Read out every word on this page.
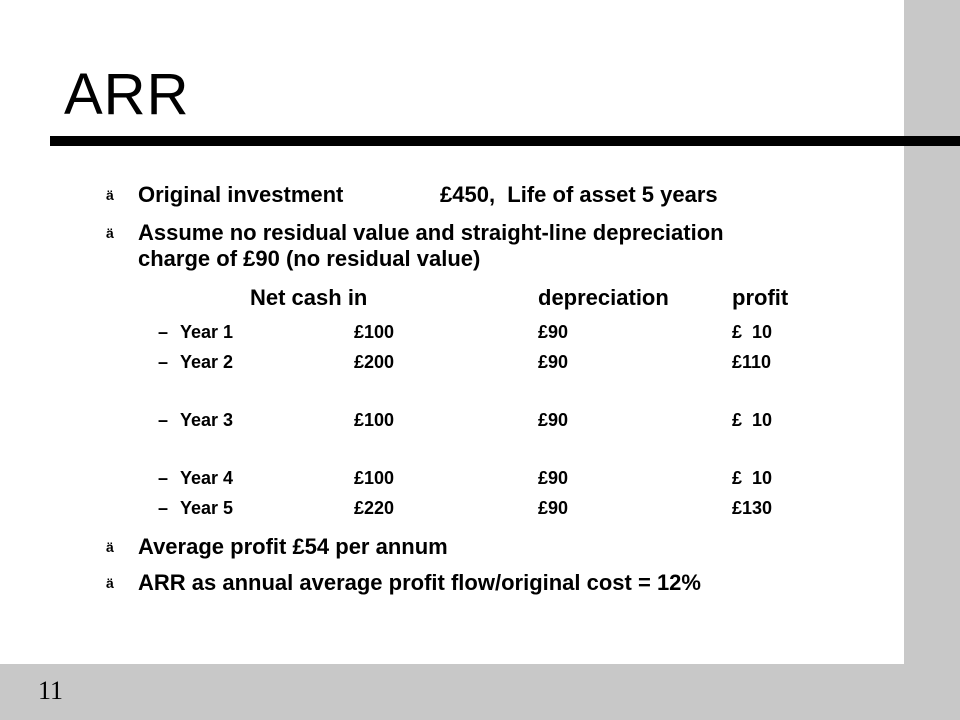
11
ARR
ä Original investment	£450,  Life of asset 5 years
ä Assume no residual value and straight-line depreciation
charge of £90 (no residual value)
Net cash in	depreciation	profit
– Year 1	£100	£90	£  10
– Year 2	£200	£90	£110
– Year 3	£100	£90	£  10
– Year 4	£100	£90	£  10
– Year 5	£220	£90	£130
ä Average profit £54 per annum
ä ARR as annual average profit flow/original cost = 12%
